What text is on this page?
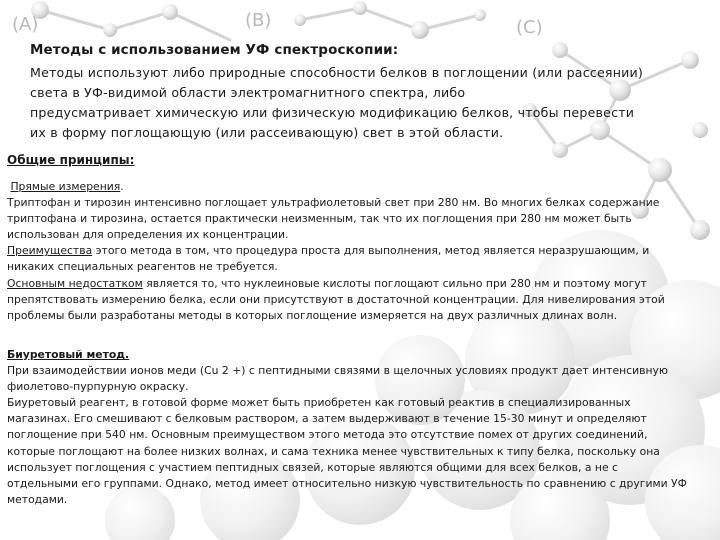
(A)	(B)	(C)
Методы с использованием УФ спектроскопии:
Методы используют либо природные способности белков в поглощении (или рассеянии)
света в УФ-видимой области электромагнитного спектра, либо
предусматривает химическую или физическую модификацию белков, чтобы перевести
их в форму поглощающую (или рассеивающую) свет в этой области.
Общие принципы:
Прямые измерения.
Триптофан и тирозин интенсивно поглощает ультрафиолетовый свет при 280 нм. Во многих белках содержание
триптофана и тирозина, остается практически неизменным, так что их поглощения при 280 нм может быть
использован для определения их концентрации.
Преимущества этого метода в том, что процедура проста для выполнения, метод является неразрушающим, и
никаких специальных реагентов не требуется.
Основным недостатком является то, что нуклеиновые кислоты поглощают сильно при 280 нм и поэтому могут
препятствовать измерению белка, если они присутствуют в достаточной концентрации. Для нивелирования этой
проблемы были разработаны методы в которых поглощение измеряется на двух различных длинах волн.
Биуретовый метод.
При взаимодействии ионов меди (Cu 2 +) с пептидными связями в щелочных условиях продукт дает интенсивную
фиолетово-пурпурную окраску.
Биуретовый реагент, в готовой форме может быть приобретен как готовый реактив в специализированных
магазинах. Его смешивают с белковым раствором, а затем выдерживают в течение 15-30 минут и определяют
поглощение при 540 нм. Основным преимуществом этого метода это отсутствие помех от других соединений,
которые поглощают на более низких волнах, и сама техника менее чувствительных к типу белка, поскольку она
использует поглощения с участием пептидных связей, которые являются общими для всех белков, а не с
отдельными его группами. Однако, метод имеет относительно низкую чувствительность по сравнению с другими УФ
методами.
